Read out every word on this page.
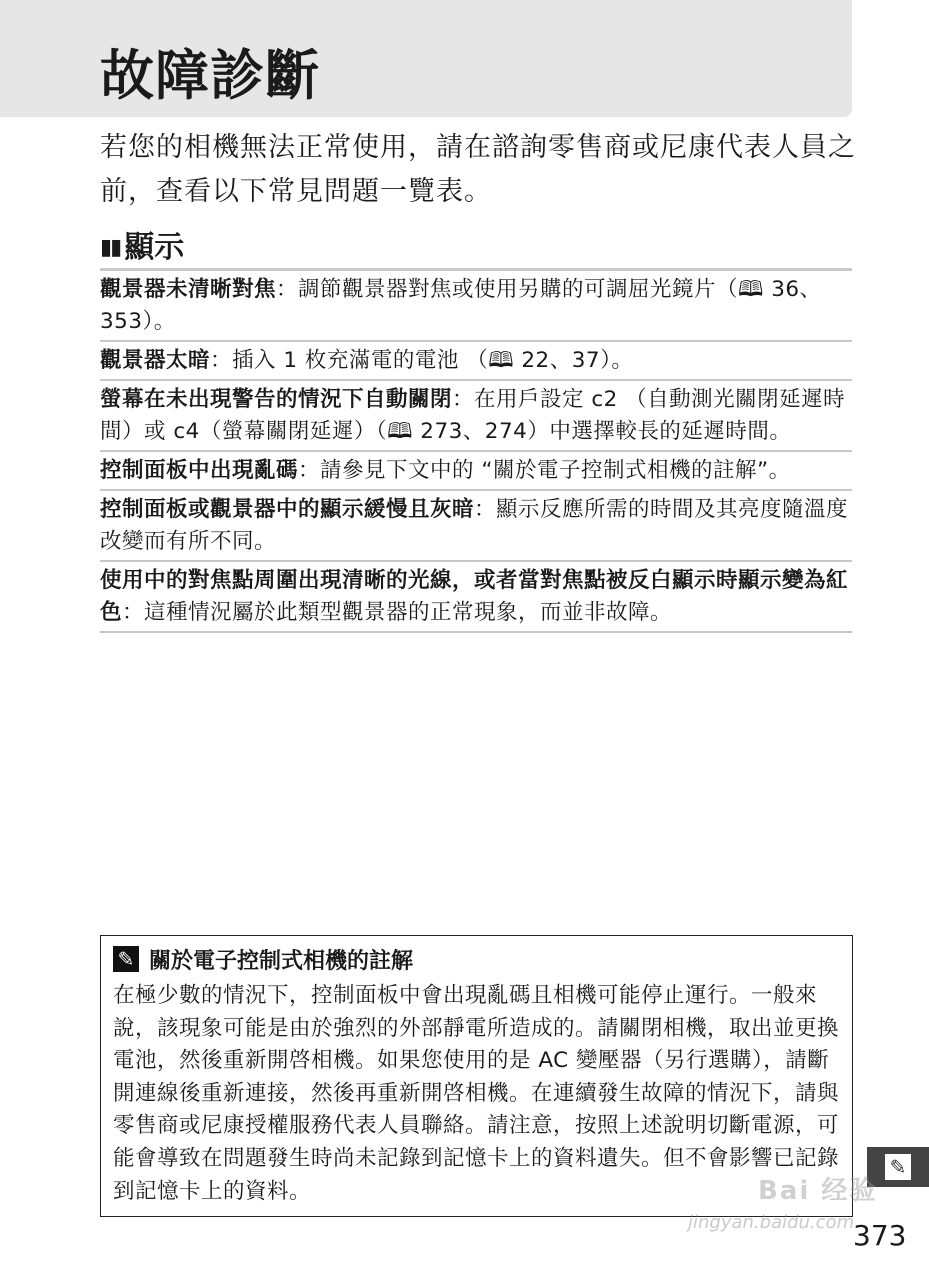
故障診斷

若您的相機無法正常使用，請在諮詢零售商或尼康代表人員之前，查看以下常見問題一覽表。

▮▮ 顯示
觀景器未清晰對焦：調節觀景器對焦或使用另購的可調屈光鏡片（🕮 36、353）。
觀景器太暗：插入 1 枚充滿電的電池 （🕮 22、37）。
螢幕在未出現警告的情況下自動關閉：在用戶設定 c2 （自動測光關閉延遲時間）或 c4（螢幕關閉延遲）（🕮 273、274）中選擇較長的延遲時間。
控制面板中出現亂碼：請參見下文中的 “關於電子控制式相機的註解”。
控制面板或觀景器中的顯示緩慢且灰暗：顯示反應所需的時間及其亮度隨溫度改變而有所不同。
使用中的對焦點周圍出現清晰的光線，或者當對焦點被反白顯示時顯示變為紅色：這種情況屬於此類型觀景器的正常現象，而並非故障。
✎ 關於電子控制式相機的註解

在極少數的情況下，控制面板中會出現亂碼且相機可能停止運行。一般來說，該現象可能是由於強烈的外部靜電所造成的。請關閉相機，取出並更換電池，然後重新開啓相機。如果您使用的是 AC 變壓器（另行選購），請斷開連線後重新連接，然後再重新開啓相機。在連續發生故障的情況下，請與零售商或尼康授權服務代表人員聯絡。請注意，按照上述說明切斷電源，可能會導致在問題發生時尚未記錄到記憶卡上的資料遺失。但不會影響已記錄到記憶卡上的資料。

✎
Bai 经验
jingyan.baidu.com
373
